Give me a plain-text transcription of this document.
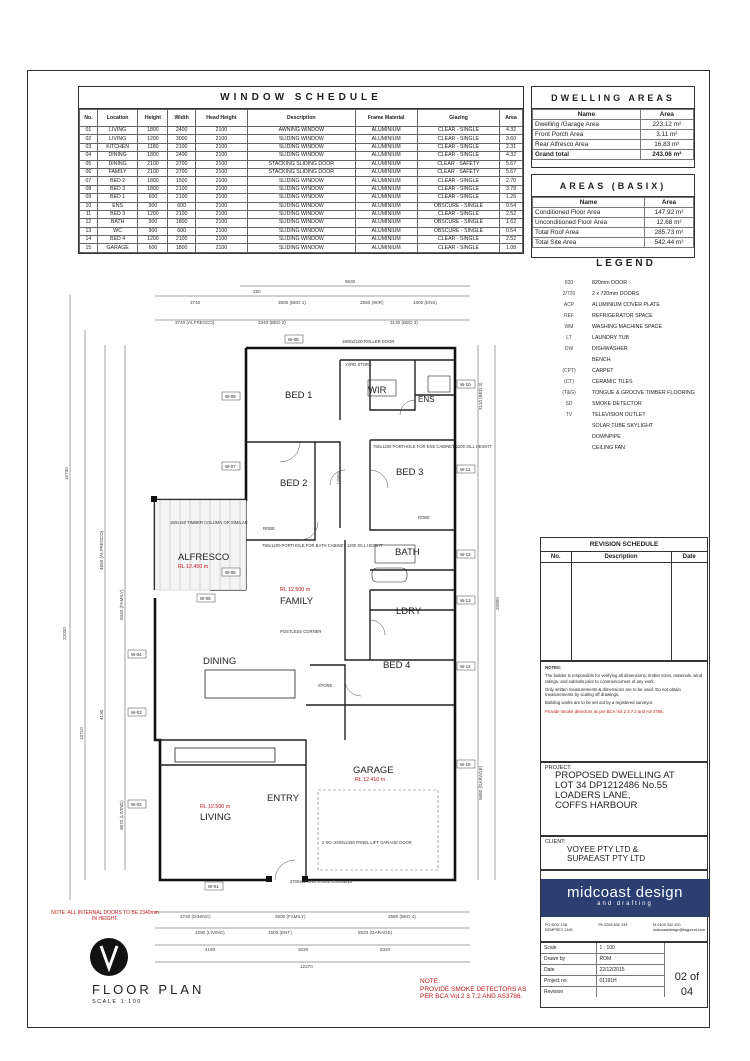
WINDOW SCHEDULE
No.	Location	Height	Width	Head Height	Description	Frame Material	Glazing	Area
01	LIVING	1800	2400	2100	AWNING WINDOW	ALUMINIUM	CLEAR - SINGLE	4.32
02	LIVING	1200	3000	2100	SLIDING WINDOW	ALUMINIUM	CLEAR - SINGLE	3.60
03	KITCHEN	1180	2100	2100	SLIDING WINDOW	ALUMINIUM	CLEAR - SINGLE	2.31
04	DINING	1800	2400	2100	SLIDING WINDOW	ALUMINIUM	CLEAR - SINGLE	4.32
05	DINING	2100	2700	2100	STACKING SLIDING DOOR	ALUMINIUM	CLEAR - SAFETY	5.67
06	FAMILY	2100	2700	2100	STACKING SLIDING DOOR	ALUMINIUM	CLEAR - SAFETY	5.67
07	BED 2	1800	1500	2100	SLIDING WINDOW	ALUMINIUM	CLEAR - SINGLE	2.70
08	BED 3	1800	2100	2100	SLIDING WINDOW	ALUMINIUM	CLEAR - SINGLE	3.78
09	BED 1	600	2100	2100	SLIDING WINDOW	ALUMINIUM	CLEAR - SINGLE	1.26
10	ENS	900	600	2100	SLIDING WINDOW	ALUMINIUM	OBSCURE - SINGLE	0.54
11	BED 3	1200	2100	2100	SLIDING WINDOW	ALUMINIUM	CLEAR - SINGLE	2.52
12	BATH	900	1800	2100	SLIDING WINDOW	ALUMINIUM	OBSCURE - SINGLE	1.62
13	WC	900	600	2100	SLIDING WINDOW	ALUMINIUM	OBSCURE - SINGLE	0.54
14	BED 4	1200	2100	2100	SLIDING WINDOW	ALUMINIUM	CLEAR - SINGLE	2.52
15	GARAGE	600	1800	2100	SLIDING WINDOW	ALUMINIUM	CLEAR - SINGLE	1.08
DWELLING AREAS
Name	Area
Dwelling /Garage Area	223.12 m²
Front Porch Area	3.11 m²
Rear Alfresco Area	16.83 m²
Grand total	243.06 m²
AREAS (BASIX)
Name	Area
Conditioned Floor Area	147.92 m²
Unconditioned Floor Area	12.68 m²
Total Roof Area	285.73 m²
Total Site Area	542.44 m²
LEGEND
820	820mm DOOR
2/720	2 x 720mm DOORS
ACP	ALUMINIUM COVER PLATE
REF	REFRIGERATOR SPACE
WM	WASHING MACHINE SPACE
LT	LAUNDRY TUB
DW	DISHWASHER
BENCH
(CPT)	CARPET
(CT)	CERAMIC TILES
(T&G)	TONGUE & GROOVE TIMBER FLOORING
SD	SMOKE DETECTOR
TV	TELEVISION OUTLET
SOLAR TUBE SKYLIGHT
DOWNPIPE
CEILING FAN
REVISION SCHEDULE
No.	Description	Date

NOTES:

The builder is responsible for verifying all dimensions, timber sizes, materials, wind ratings, and subsoils prior to commencement of any work.

Only written measurements & dimensions are to be used. Do not obtain measurements by scaling off drawings.

Building works are to be set out by a registered surveyor.

Provide smoke detectors as per BCA Vol.2 3.7.2 and AS 3786.

PROJECT:
PROPOSED DWELLING AT
LOT 34 DP1212486 No.55
LOADERS LANE,
COFFS HARBOUR
CLIENT:
VOYEE PTY LTD &
SUPAEAST PTY LTD
midcoast design
and drafting
PO BOX 108
KEMPSEY 2440
Ph 0265 632 133	M 0405 332 420
midcoastdesign@bigpond.com
Scale	1 : 100
Drawn by	ROM
Date	22/12/2015
Project no.	01191H
Revision	
02 of
04
W-08
W-09
W-10
W-11
W-12
W-13
W-14
W-15
W-07
W-05
W-06
W-04
W-03
W-02
W-01
BED 1	WIR
ENS
BED 2
BED 3
BATH
LDRY
FAMILY
ALFRESCO
DINING	BED 4
GARAGE
ENTRY
LIVING
STORE
ROBE
ROBE
YARD STORE
LINEN
RL 12.500 m
RL 12.450 m
RL 12.410 m
RL 12.500 m
750x1200 PORTHOLE FOR ENS CABINET 1200 SILL HEIGHT
750x1200 PORTHOLE FOR BATH CABINET 1200 SILL HEIGHT
POSTLESS CORNER
150x150 TIMBER COLUMN OR SIMILAR
3700x50 SHS STEEL COLUMNS
2 NO. 2400x2150 PANEL LIFT GARAGE DOOR
1800x2100 ROLLER DOOR
9630
250
3740	3500 (BED 1)	2560 (WIR)	1800 (ENS)
3740 (ALFRESCO)	3340 (BED 2)	3130 (BED 3)
3740 (DINING)	3500 (FAMILY)	2580 (BED 4)
4290 (LIVING)	1500 (ENT)	5520 (GARAGE)
4190	3020	6320
12370
10730
22030
10710
4650 (ALFRESCO)
5040 (FAMILY)
4130
3670 (LIVING)
20900
3110 (BED 3)
5680 (GARAGE)
FLOOR PLAN
SCALE 1:100
NOTE: ALL INTERNAL DOORS TO BE 2340mm IN HEIGHT.
NOTE:
PROVIDE SMOKE DETECTORS AS
PER BCA Vol.2 3.7.2 AND AS3786.
